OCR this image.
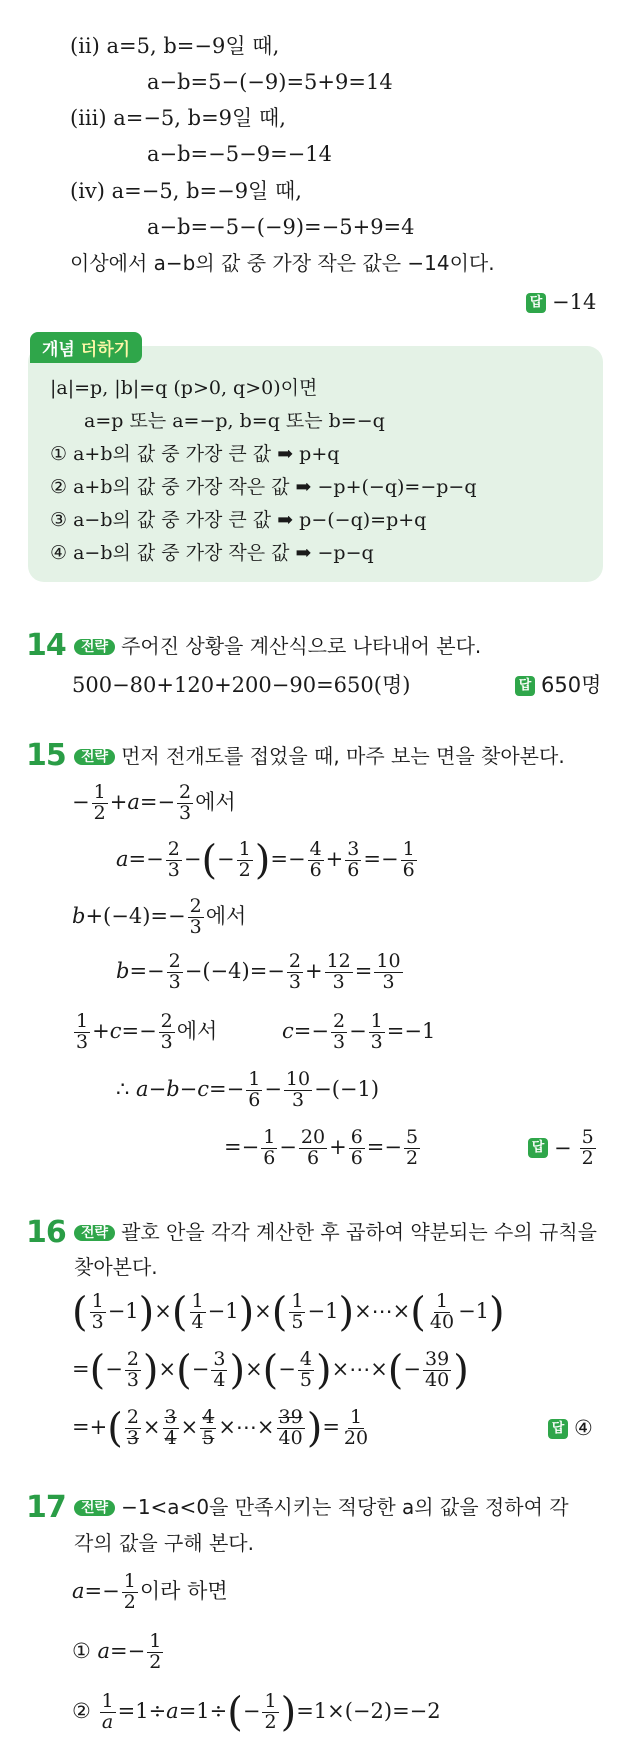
(ii) a=5, b=−9일 때,
a−b=5−(−9)=5+9=14
(iii) a=−5, b=9일 때,
a−b=−5−9=−14
(iv) a=−5, b=−9일 때,
a−b=−5−(−9)=−5+9=4
이상에서 a−b의 값 중 가장 작은 값은 −14이다.
답 −14
개념 더하기
|a|=p, |b|=q (p>0, q>0)이면
a=p 또는 a=−p, b=q 또는 b=−q
① a+b의 값 중 가장 큰 값 ➡ p+q
② a+b의 값 중 가장 작은 값 ➡ −p+(−q)=−p−q
③ a−b의 값 중 가장 큰 값 ➡ p−(−q)=p+q
④ a−b의 값 중 가장 작은 값 ➡ −p−q
14	전략 주어진 상황을 계산식으로 나타내어 본다.
500−80+120+200−90=650(명)	답 650명
15	전략 먼저 전개도를 접었을 때, 마주 보는 면을 찾아본다.
− $\frac{1}{2} +a=- \frac{2}{3}$ 에서
$a=- \frac{2}{3}$ −(− $\frac{1}{2}$ )=− $\frac{4}{6} + \frac{3}{6} =- \frac{1}{6}$
$b+(-4)=- \frac{2}{3}$ 에서
$b=- \frac{2}{3} -(-4)=- \frac{2}{3} + \frac{12}{3} = \frac{10}{3}$
$\frac{1}{3} +c=- \frac{2}{3}$ 에서	$c=- \frac{2}{3} - \frac{1}{3} =-1$
∴ $a-b-c=- \frac{1}{6} - \frac{10}{3} -(-1)$
=− $\frac{1}{6} - \frac{20}{6} + \frac{6}{6} =- \frac{5}{2}$	답 − $\frac{5}{2}$
16	전략 괄호 안을 각각 계산한 후 곱하여 약분되는 수의 규칙을
찾아본다.
( $\frac{1}{3} -1)\times( \frac{1}{4} -1)\times( \frac{1}{5}$ −1)×⋯×( $\frac{1}{40} -1$)
=(− $\frac{2}{3}$ )×(− $\frac{3}{4}$ )×(− $\frac{4}{5}$ )×⋯×(− $\frac{39}{40}$ )
=+( $\frac{2}{3} \times \frac{3}{4} \times \frac{4}{5}$ ×⋯× $\frac{39}{40}$ )= $\frac{1}{20}$	답 ④
17	전략 −1<a<0을 만족시키는 적당한 a의 값을 정하여 각
각의 값을 구해 본다.
$a=- \frac{1}{2}$ 이라 하면
① $a=- \frac{1}{2}$
② $\frac{1}{a} =1\div a=1\div(- \frac{1}{2} )=1\times(-2)=-2$
